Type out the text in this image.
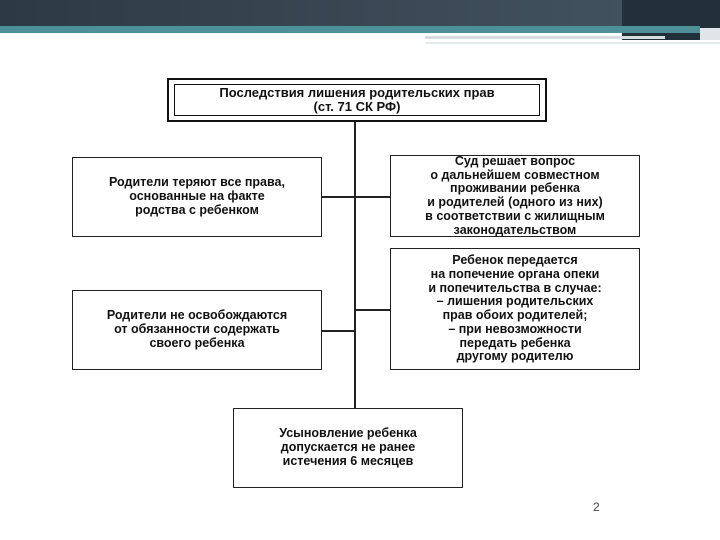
Последствия лишения родительских прав
(ст. 71 СК РФ)
Родители теряют все права,
основанные на факте
родства с ребенком
Суд решает вопрос
о дальнейшем совместном
проживании ребенка
и родителей (одного из них)
в соответствии с жилищным
законодательством
Ребенок передается
на попечение органа опеки
и попечительства в случае:
– лишения родительских
прав обоих родителей;
– при невозможности
передать ребенка
другому родителю
Родители не освобождаются
от обязанности содержать
своего ребенка
Усыновление ребенка
допускается не ранее
истечения 6 месяцев
2
